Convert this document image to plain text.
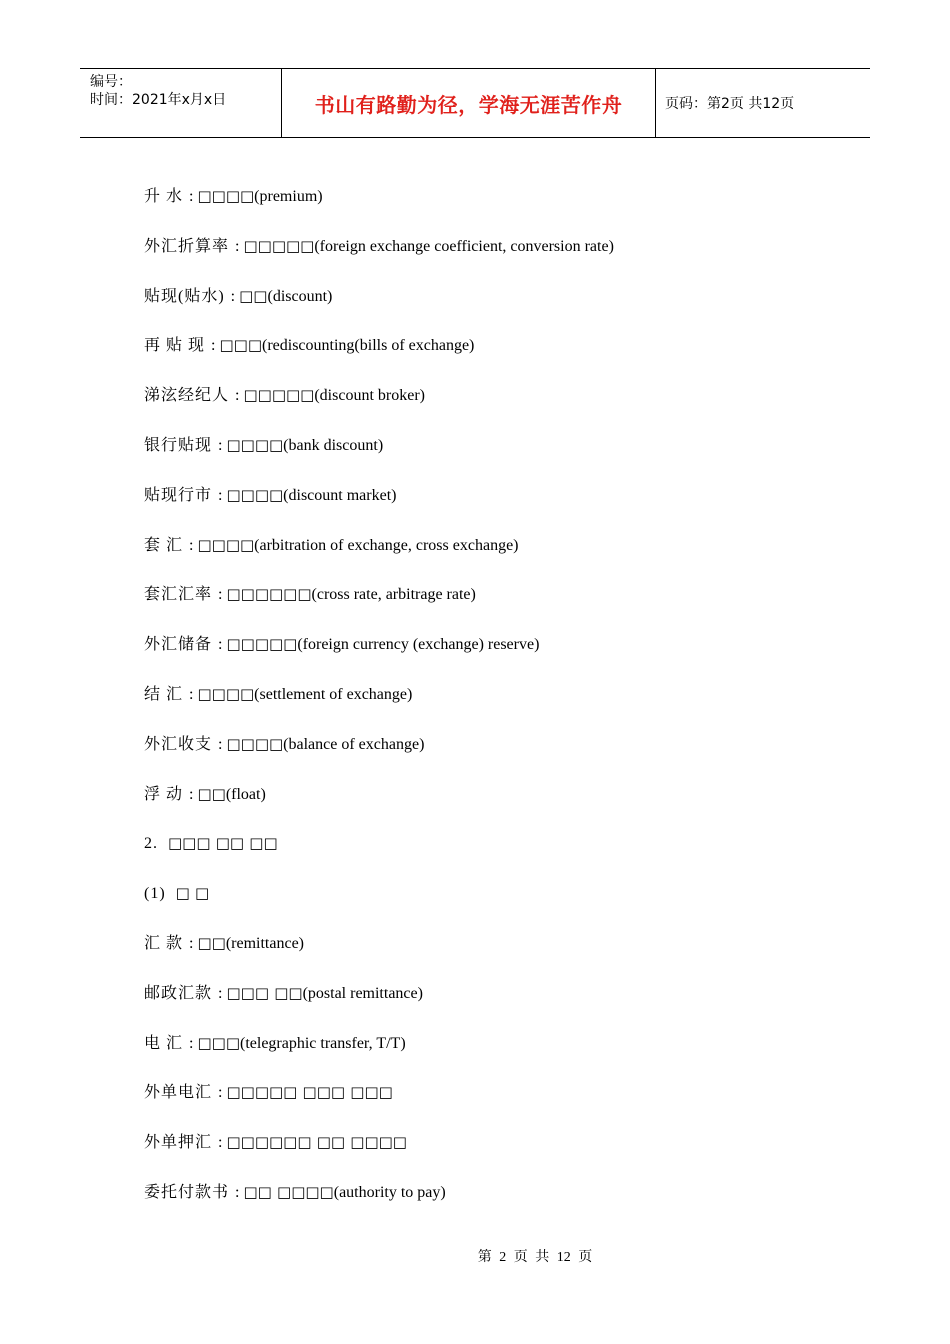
编号：
时间：2021年x月x日	书山有路勤为径，学海无涯苦作舟	页码：第2页 共12页
升 水 : □□□□(premium)
外汇折算率 : □□□□□(foreign exchange coefficient, conversion rate)
贴现(贴水) : □□(discount)
再 贴 现 : □□□(rediscounting(bills of exchange)
涕泫经纪人 : □□□□□(discount broker)
银行贴现 : □□□□(bank discount)
贴现行市 : □□□□(discount market)
套 汇 : □□□□(arbitration of exchange, cross exchange)
套汇汇率 : □□□□□□(cross rate, arbitrage rate)
外汇储备 : □□□□□(foreign currency (exchange) reserve)
结 汇 : □□□□(settlement of exchange)
外汇收支 : □□□□(balance of exchange)
浮 动 : □□(float)
2. □□□ □□ □□
(1) □ □
汇 款 : □□(remittance)
邮政汇款 : □□□ □□(postal remittance)
电 汇 : □□□(telegraphic transfer, T/T)
外单电汇 : □□□□□ □□□ □□□
外单押汇 : □□□□□□ □□ □□□□
委托付款书 : □□ □□□□(authority to pay)
第 2 页 共 12 页
